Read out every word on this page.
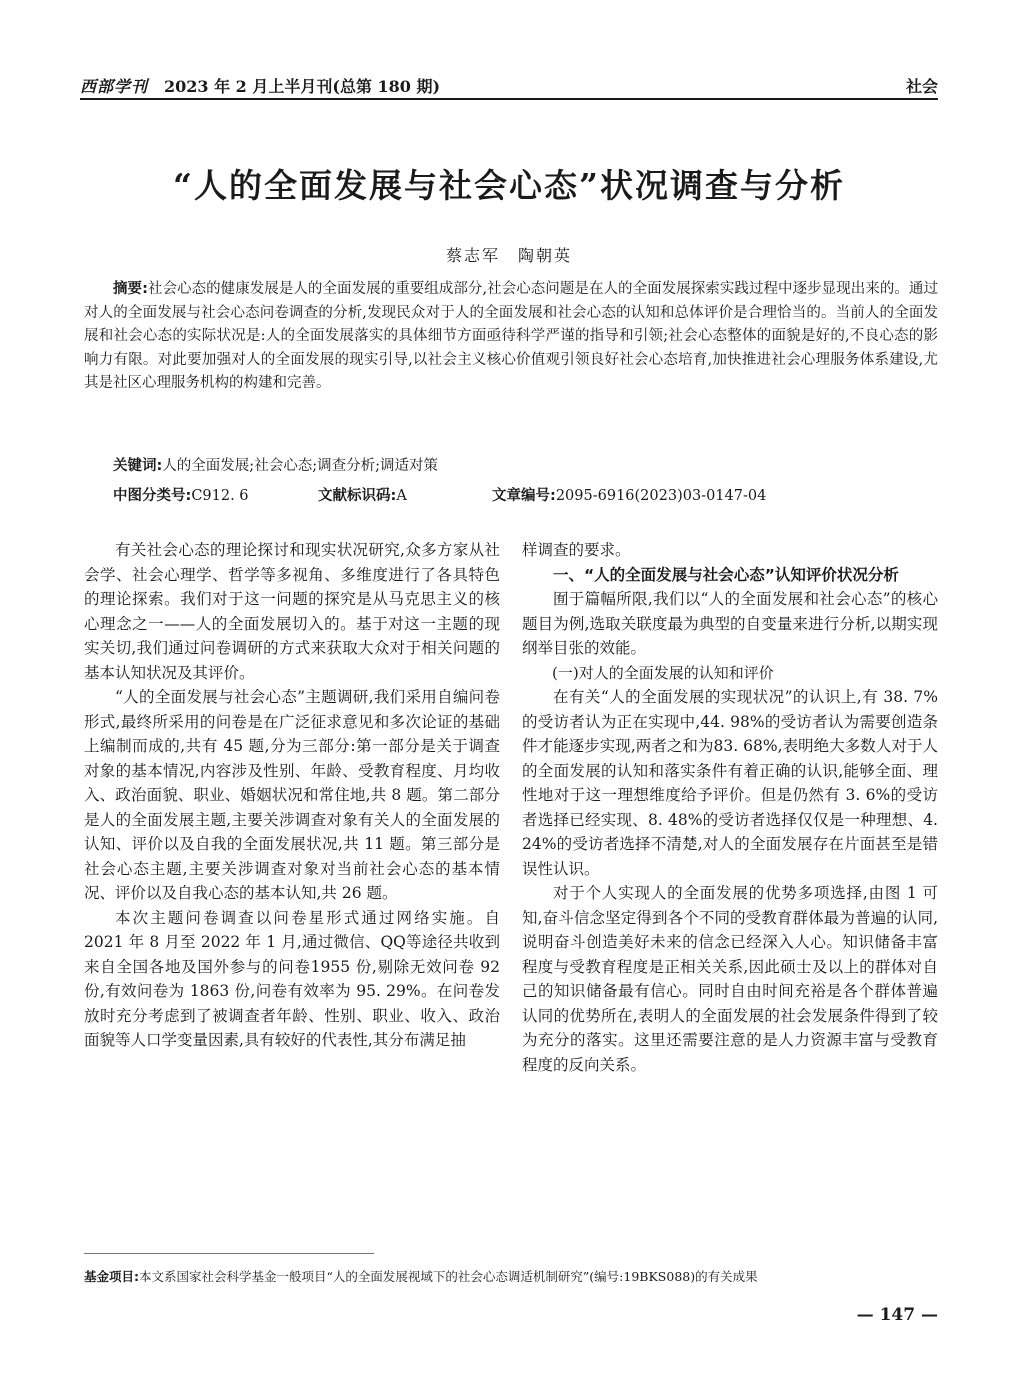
西部学刊 2023 年 2 月上半月刊(总第 180 期)	社会
“人的全面发展与社会心态”状况调查与分析
蔡志军　陶朝英
摘要:社会心态的健康发展是人的全面发展的重要组成部分,社会心态问题是在人的全面发展探索实践过程中逐步显现出来的。通过对人的全面发展与社会心态问卷调查的分析,发现民众对于人的全面发展和社会心态的认知和总体评价是合理恰当的。当前人的全面发展和社会心态的实际状况是:人的全面发展落实的具体细节方面亟待科学严谨的指导和引领;社会心态整体的面貌是好的,不良心态的影响力有限。对此要加强对人的全面发展的现实引导,以社会主义核心价值观引领良好社会心态培育,加快推进社会心理服务体系建设,尤其是社区心理服务机构的构建和完善。
关键词:人的全面发展;社会心态;调查分析;调适对策
中图分类号:C912. 6	文献标识码:A	文章编号:2095-6916(2023)03-0147-04

有关社会心态的理论探讨和现实状况研究,众多方家从社会学、社会心理学、哲学等多视角、多维度进行了各具特色的理论探索。我们对于这一问题的探究是从马克思主义的核心理念之一——人的全面发展切入的。基于对这一主题的现实关切,我们通过问卷调研的方式来获取大众对于相关问题的基本认知状况及其评价。

“人的全面发展与社会心态”主题调研,我们采用自编问卷形式,最终所采用的问卷是在广泛征求意见和多次论证的基础上编制而成的,共有 45 题,分为三部分:第一部分是关于调查对象的基本情况,内容涉及性别、年龄、受教育程度、月均收入、政治面貌、职业、婚姻状况和常住地,共 8 题。第二部分是人的全面发展主题,主要关涉调查对象有关人的全面发展的认知、评价以及自我的全面发展状况,共 11 题。第三部分是社会心态主题,主要关涉调查对象对当前社会心态的基本情况、评价以及自我心态的基本认知,共 26 题。

本次主题问卷调查以问卷星形式通过网络实施。自 2021 年 8 月至 2022 年 1 月,通过微信、QQ等途径共收到来自全国各地及国外参与的问卷1955 份,剔除无效问卷 92 份,有效问卷为 1863 份,问卷有效率为 95. 29%。在问卷发放时充分考虑到了被调查者年龄、性别、职业、收入、政治面貌等人口学变量因素,具有较好的代表性,其分布满足抽

样调查的要求。

一、“人的全面发展与社会心态”认知评价状况分析

囿于篇幅所限,我们以“人的全面发展和社会心态”的核心题目为例,选取关联度最为典型的自变量来进行分析,以期实现纲举目张的效能。

(一)对人的全面发展的认知和评价

在有关“人的全面发展的实现状况”的认识上,有 38. 7%的受访者认为正在实现中,44. 98%的受访者认为需要创造条件才能逐步实现,两者之和为83. 68%,表明绝大多数人对于人的全面发展的认知和落实条件有着正确的认识,能够全面、理性地对于这一理想维度给予评价。但是仍然有 3. 6%的受访者选择已经实现、8. 48%的受访者选择仅仅是一种理想、4. 24%的受访者选择不清楚,对人的全面发展存在片面甚至是错误性认识。

对于个人实现人的全面发展的优势多项选择,由图 1 可知,奋斗信念坚定得到各个不同的受教育群体最为普遍的认同,说明奋斗创造美好未来的信念已经深入人心。知识储备丰富程度与受教育程度是正相关关系,因此硕士及以上的群体对自己的知识储备最有信心。同时自由时间充裕是各个群体普遍认同的优势所在,表明人的全面发展的社会发展条件得到了较为充分的落实。这里还需要注意的是人力资源丰富与受教育程度的反向关系。

基金项目:本文系国家社会科学基金一般项目“人的全面发展视域下的社会心态调适机制研究”(编号:19BKS088)的有关成果
— 147 —
